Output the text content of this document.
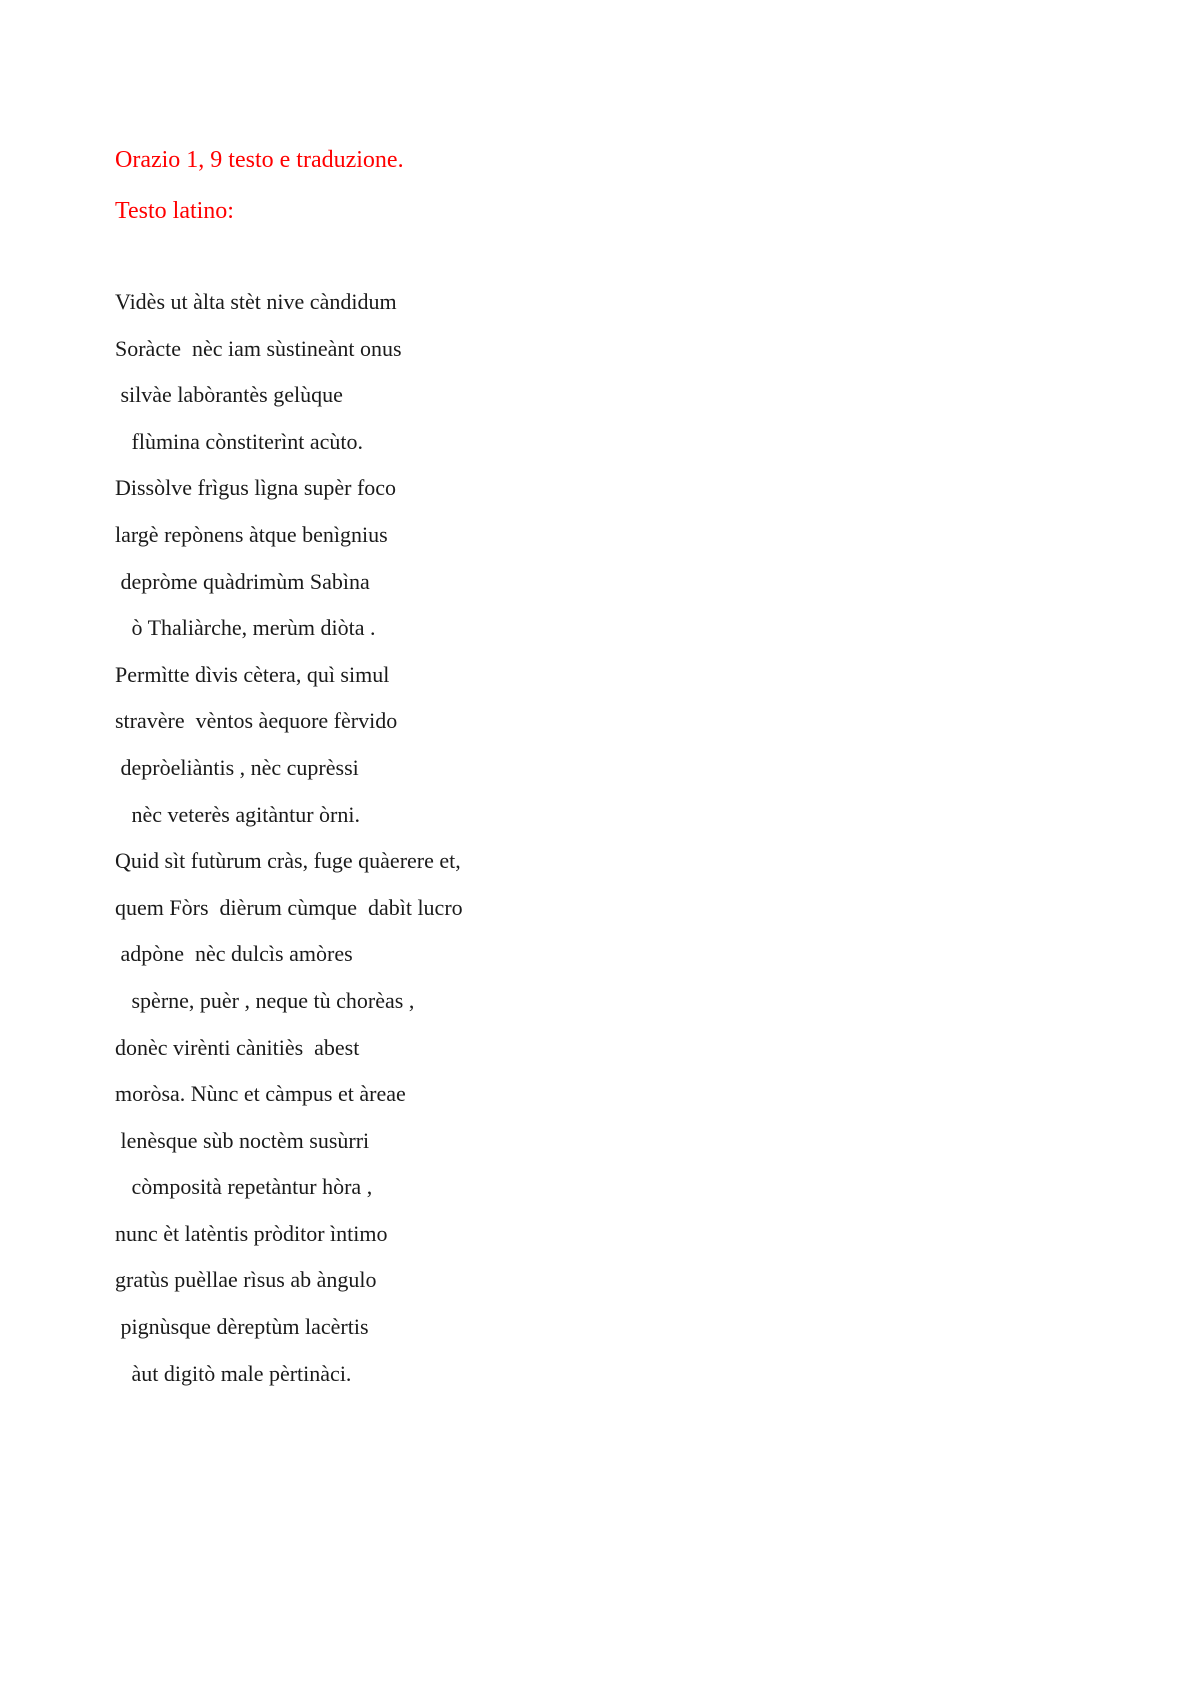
Orazio 1, 9 testo e traduzione.
Testo latino:
Vidès ut àlta stèt nive càndidum
Soràcte  nèc iam sùstineànt onus
silvàe labòrantès gelùque
flùmina cònstiterìnt acùto.
Dissòlve frìgus lìgna supèr foco
largè repònens àtque benìgnius
depròme quàdrimùm Sabìna
ò Thaliàrche, merùm diòta .
Permìtte dìvis cètera, quì simul
stravère  vèntos àequore fèrvido
depròeliàntis , nèc cuprèssi
nèc veterès agitàntur òrni.
Quid sìt futùrum cràs, fuge quàerere et,
quem Fòrs  dièrum cùmque  dabìt lucro
adpòne  nèc dulcìs amòres
spèrne, puèr , neque tù chorèas ,
donèc virènti cànitiès  abest
moròsa. Nùnc et càmpus et àreae
lenèsque sùb noctèm susùrri
còmposità repetàntur hòra ,
nunc èt latèntis pròditor ìntimo
gratùs puèllae rìsus ab àngulo
pignùsque dèreptùm lacèrtis
àut digitò male pèrtinàci.
